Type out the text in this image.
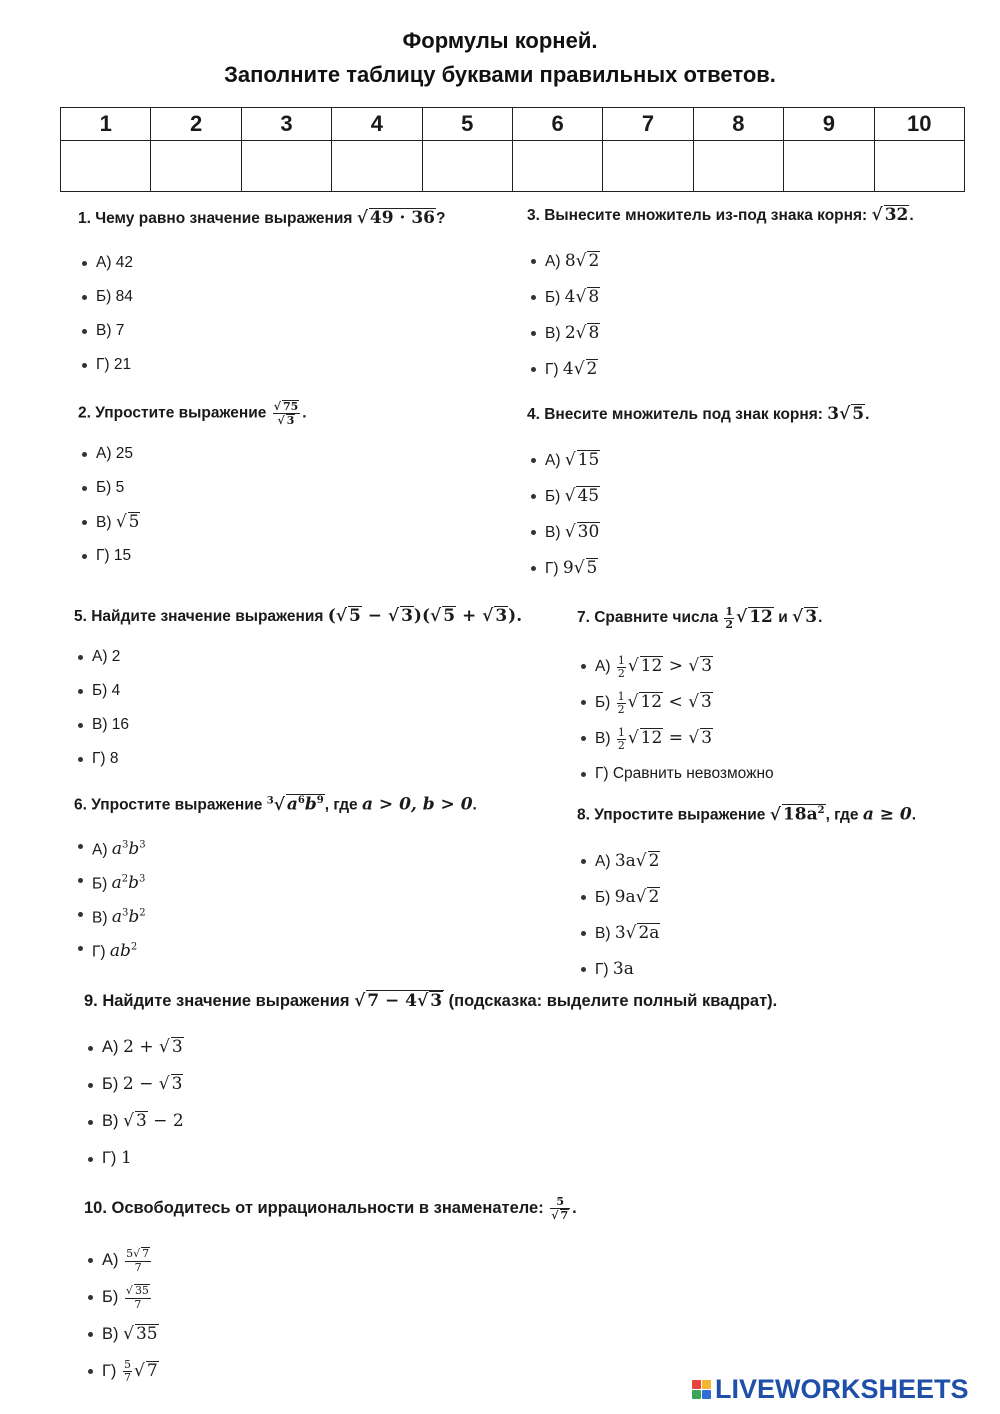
Формулы корней.
Заполните таблицу буквами правильных ответов.
1	2	3	4	5	6	7	8	9	10

1. Чему равно значение выражения √ 49 · 36?
А) 42
Б) 84
В) 7
Г) 21
2. Упростите выражение $\frac{√ 75}{√ 3}$ .
А) 25
Б) 5
В) √ 5
Г) 15
3. Вынесите множитель из-под знака корня: √ 32.
А) 8√ 2
Б) 4√ 8
В) 2√ 8
Г) 4√ 2
4. Внесите множитель под знак корня: 3√ 5.
А) √ 15
Б) √ 45
В) √ 30
Г) 9√ 5
5. Найдите значение выражения (√ 5 − √ 3)(√ 5 + √ 3).
А) 2
Б) 4
В) 16
Г) 8
6. Упростите выражение $^3$√ $a^6b^9$, где a > 0, b > 0.
А) $a^3b^3$
Б) $a^2b^3$
В) $a^3b^2$
Г) $ab^2$
7. Сравните числа $\frac{1}{2}$ √ 12 и √ 3.
$А) \frac{1}{2}$ √ 12 > √ 3
$Б) \frac{1}{2}$ √ 12 < √ 3
$В) \frac{1}{2}$ √ 12 = √ 3
Г) Сравнить невозможно
8. Упростите выражение √ $18a^2$, где a ≥ 0.
А) 3a√ 2
Б) 9a√ 2
В) 3√ 2a
Г) 3a
9. Найдите значение выражения √ 7 − 4√ 3 (подсказка: выделите полный квадрат).
А) 2 + √ 3
Б) 2 − √ 3
В) √ 3 − 2
Г) 1
10. Освободитесь от иррациональности в знаменателе: $\frac{5}{√ 7}$ .
$А) \frac{5√ 7}{7}$
$Б) \frac{√ 35}{7}$
В) √ 35
$Г) \frac{5}{7}$ √ 7
LIVEWORKSHEETS
